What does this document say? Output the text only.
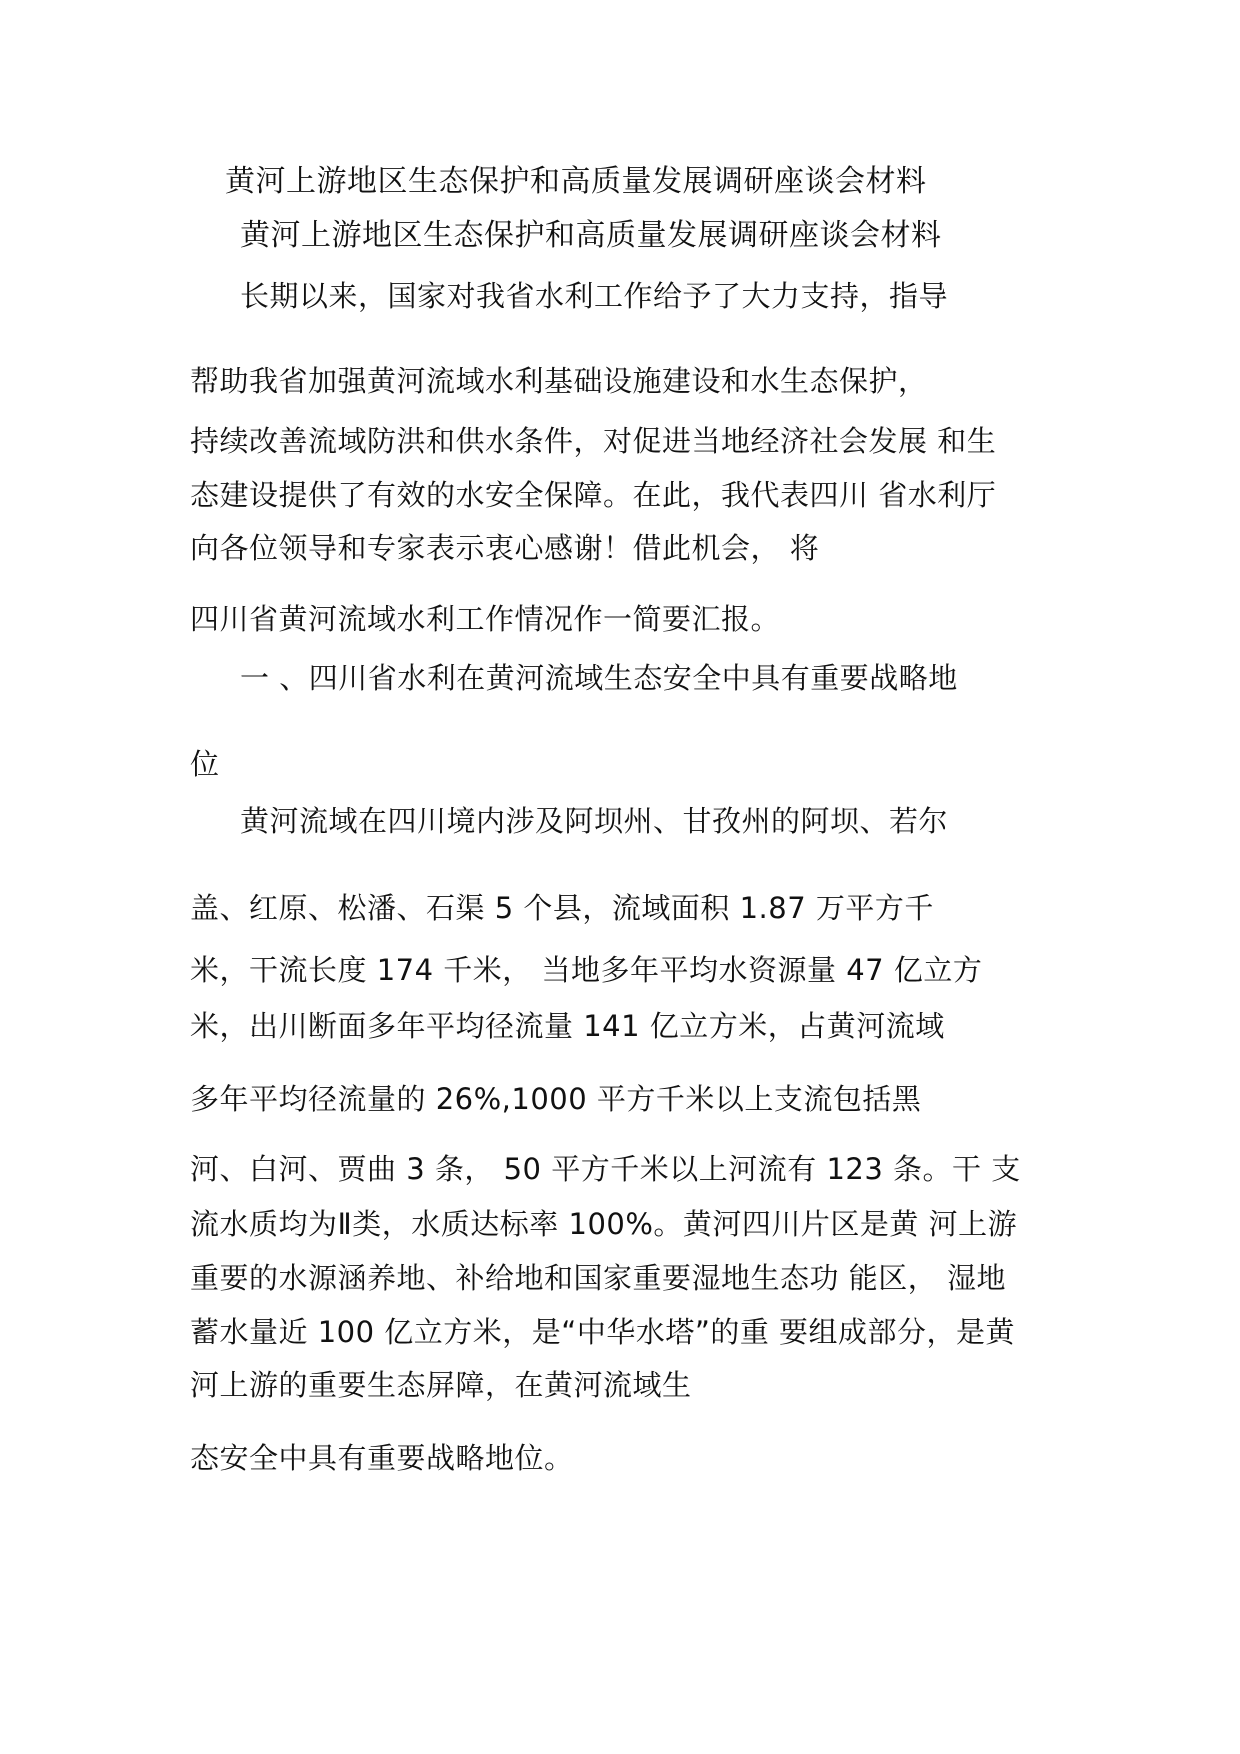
黄河上游地区生态保护和高质量发展调研座谈会材料
黄河上游地区生态保护和高质量发展调研座谈会材料
长期以来，国家对我省水利工作给予了大力支持，指导
帮助我省加强黄河流域水利基础设施建设和水生态保护，
持续改善流域防洪和供水条件，对促进当地经济社会发展 和生
态建设提供了有效的水安全保障。在此，我代表四川 省水利厅
向各位领导和专家表示衷心感谢！借此机会， 将
四川省黄河流域水利工作情况作一简要汇报。
一 、四川省水利在黄河流域生态安全中具有重要战略地
位
黄河流域在四川境内涉及阿坝州、甘孜州的阿坝、若尔
盖、红原、松潘、石渠 5 个县，流域面积 1.87 万平方千
米，干流长度 174 千米， 当地多年平均水资源量 47 亿立方
米，出川断面多年平均径流量 141 亿立方米，占黄河流域
多年平均径流量的 26%,1000 平方千米以上支流包括黑
河、白河、贾曲 3 条， 50 平方千米以上河流有 123 条。干 支
流水质均为Ⅱ类，水质达标率 100%。黄河四川片区是黄 河上游
重要的水源涵养地、补给地和国家重要湿地生态功 能区， 湿地
蓄水量近 100 亿立方米，是“中华水塔”的重 要组成部分，是黄
河上游的重要生态屏障，在黄河流域生
态安全中具有重要战略地位。
